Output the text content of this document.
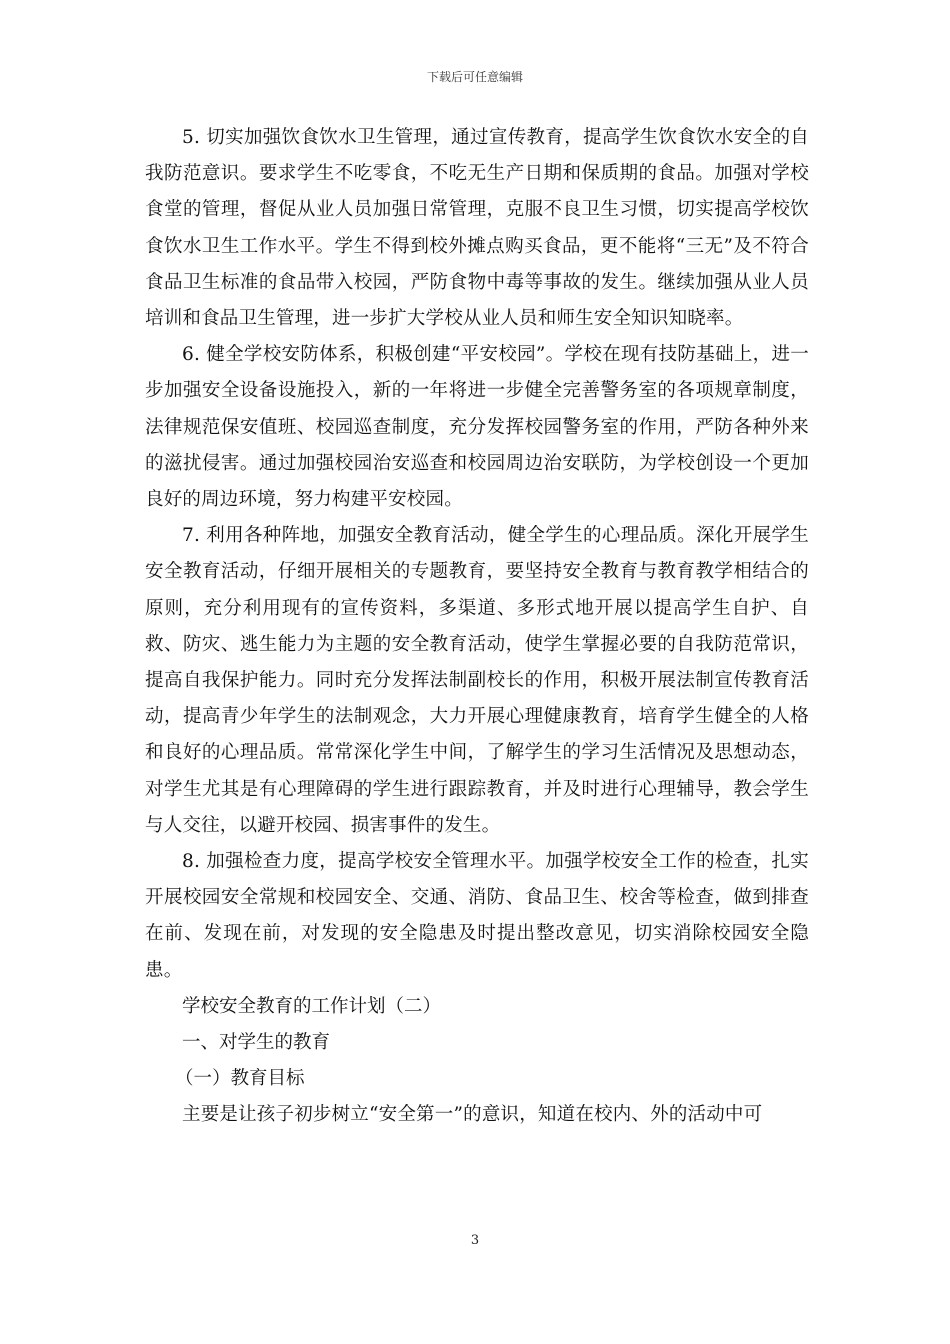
下载后可任意编辑

5. 切实加强饮食饮水卫生管理，通过宣传教育，提高学生饮食饮水安全的自我防范意识。要求学生不吃零食，不吃无生产日期和保质期的食品。加强对学校食堂的管理，督促从业人员加强日常管理，克服不良卫生习惯，切实提高学校饮食饮水卫生工作水平。学生不得到校外摊点购买食品，更不能将“三无”及不符合食品卫生标准的食品带入校园，严防食物中毒等事故的发生。继续加强从业人员培训和食品卫生管理，进一步扩大学校从业人员和师生安全知识知晓率。

6. 健全学校安防体系，积极创建“平安校园”。学校在现有技防基础上，进一步加强安全设备设施投入，新的一年将进一步健全完善警务室的各项规章制度，法律规范保安值班、校园巡查制度，充分发挥校园警务室的作用，严防各种外来的滋扰侵害。通过加强校园治安巡查和校园周边治安联防，为学校创设一个更加良好的周边环境，努力构建平安校园。

7. 利用各种阵地，加强安全教育活动，健全学生的心理品质。深化开展学生安全教育活动，仔细开展相关的专题教育，要坚持安全教育与教育教学相结合的原则，充分利用现有的宣传资料，多渠道、多形式地开展以提高学生自护、自救、防灾、逃生能力为主题的安全教育活动，使学生掌握必要的自我防范常识，提高自我保护能力。同时充分发挥法制副校长的作用，积极开展法制宣传教育活动，提高青少年学生的法制观念，大力开展心理健康教育，培育学生健全的人格和良好的心理品质。常常深化学生中间，了解学生的学习生活情况及思想动态，对学生尤其是有心理障碍的学生进行跟踪教育，并及时进行心理辅导，教会学生与人交往，以避开校园、损害事件的发生。

8. 加强检查力度，提高学校安全管理水平。加强学校安全工作的检查，扎实开展校园安全常规和校园安全、交通、消防、食品卫生、校舍等检查，做到排查在前、发现在前，对发现的安全隐患及时提出整改意见，切实消除校园安全隐患。

学校安全教育的工作计划（二）

一、对学生的教育

（一）教育目标

主要是让孩子初步树立“安全第一”的意识，知道在校内、外的活动中可

3
